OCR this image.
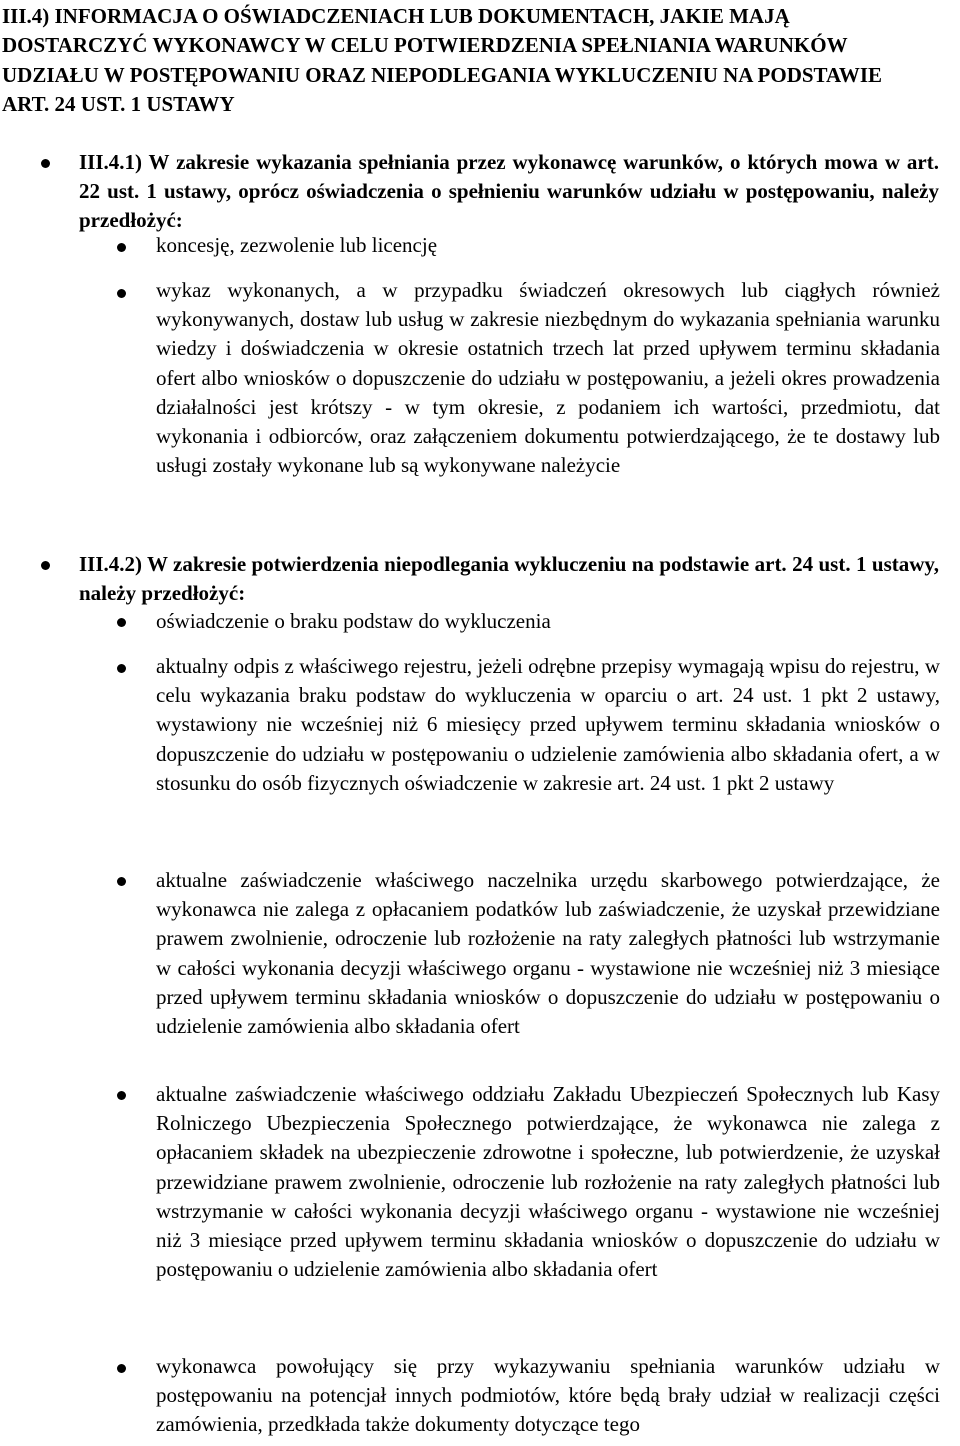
III.4) INFORMACJA O OŚWIADCZENIACH LUB DOKUMENTACH, JAKIE MAJĄ DOSTARCZYĆ WYKONAWCY W CELU POTWIERDZENIA SPEŁNIANIA WARUNKÓW UDZIAŁU W POSTĘPOWANIU ORAZ NIEPODLEGANIA WYKLUCZENIU NA PODSTAWIE ART. 24 UST. 1 USTAWY

III.4.1) W zakresie wykazania spełniania przez wykonawcę warunków, o których mowa w art. 22 ust. 1 ustawy, oprócz oświadczenia o spełnieniu warunków udziału w postępowaniu, należy przedłożyć:

koncesję, zezwolenie lub licencję

wykaz wykonanych, a w przypadku świadczeń okresowych lub ciągłych również wykonywanych, dostaw lub usług w zakresie niezbędnym do wykazania spełniania warunku wiedzy i doświadczenia w okresie ostatnich trzech lat przed upływem terminu składania ofert albo wniosków o dopuszczenie do udziału w postępowaniu, a jeżeli okres prowadzenia działalności jest krótszy - w tym okresie, z podaniem ich wartości, przedmiotu, dat wykonania i odbiorców, oraz załączeniem dokumentu potwierdzającego, że te dostawy lub usługi zostały wykonane lub są wykonywane należycie

III.4.2) W zakresie potwierdzenia niepodlegania wykluczeniu na podstawie art. 24 ust. 1 ustawy, należy przedłożyć:

oświadczenie o braku podstaw do wykluczenia

aktualny odpis z właściwego rejestru, jeżeli odrębne przepisy wymagają wpisu do rejestru, w celu wykazania braku podstaw do wykluczenia w oparciu o art. 24 ust. 1 pkt 2 ustawy, wystawiony nie wcześniej niż 6 miesięcy przed upływem terminu składania wniosków o dopuszczenie do udziału w postępowaniu o udzielenie zamówienia albo składania ofert, a w stosunku do osób fizycznych oświadczenie w zakresie art. 24 ust. 1 pkt 2 ustawy

aktualne zaświadczenie właściwego naczelnika urzędu skarbowego potwierdzające, że wykonawca nie zalega z opłacaniem podatków lub zaświadczenie, że uzyskał przewidziane prawem zwolnienie, odroczenie lub rozłożenie na raty zaległych płatności lub wstrzymanie w całości wykonania decyzji właściwego organu - wystawione nie wcześniej niż 3 miesiące przed upływem terminu składania wniosków o dopuszczenie do udziału w postępowaniu o udzielenie zamówienia albo składania ofert

aktualne zaświadczenie właściwego oddziału Zakładu Ubezpieczeń Społecznych lub Kasy Rolniczego Ubezpieczenia Społecznego potwierdzające, że wykonawca nie zalega z opłacaniem składek na ubezpieczenie zdrowotne i społeczne, lub potwierdzenie, że uzyskał przewidziane prawem zwolnienie, odroczenie lub rozłożenie na raty zaległych płatności lub wstrzymanie w całości wykonania decyzji właściwego organu - wystawione nie wcześniej niż 3 miesiące przed upływem terminu składania wniosków o dopuszczenie do udziału w postępowaniu o udzielenie zamówienia albo składania ofert

wykonawca powołujący się przy wykazywaniu spełniania warunków udziału w postępowaniu na potencjał innych podmiotów, które będą brały udział w realizacji części zamówienia, przedkłada także dokumenty dotyczące tego
